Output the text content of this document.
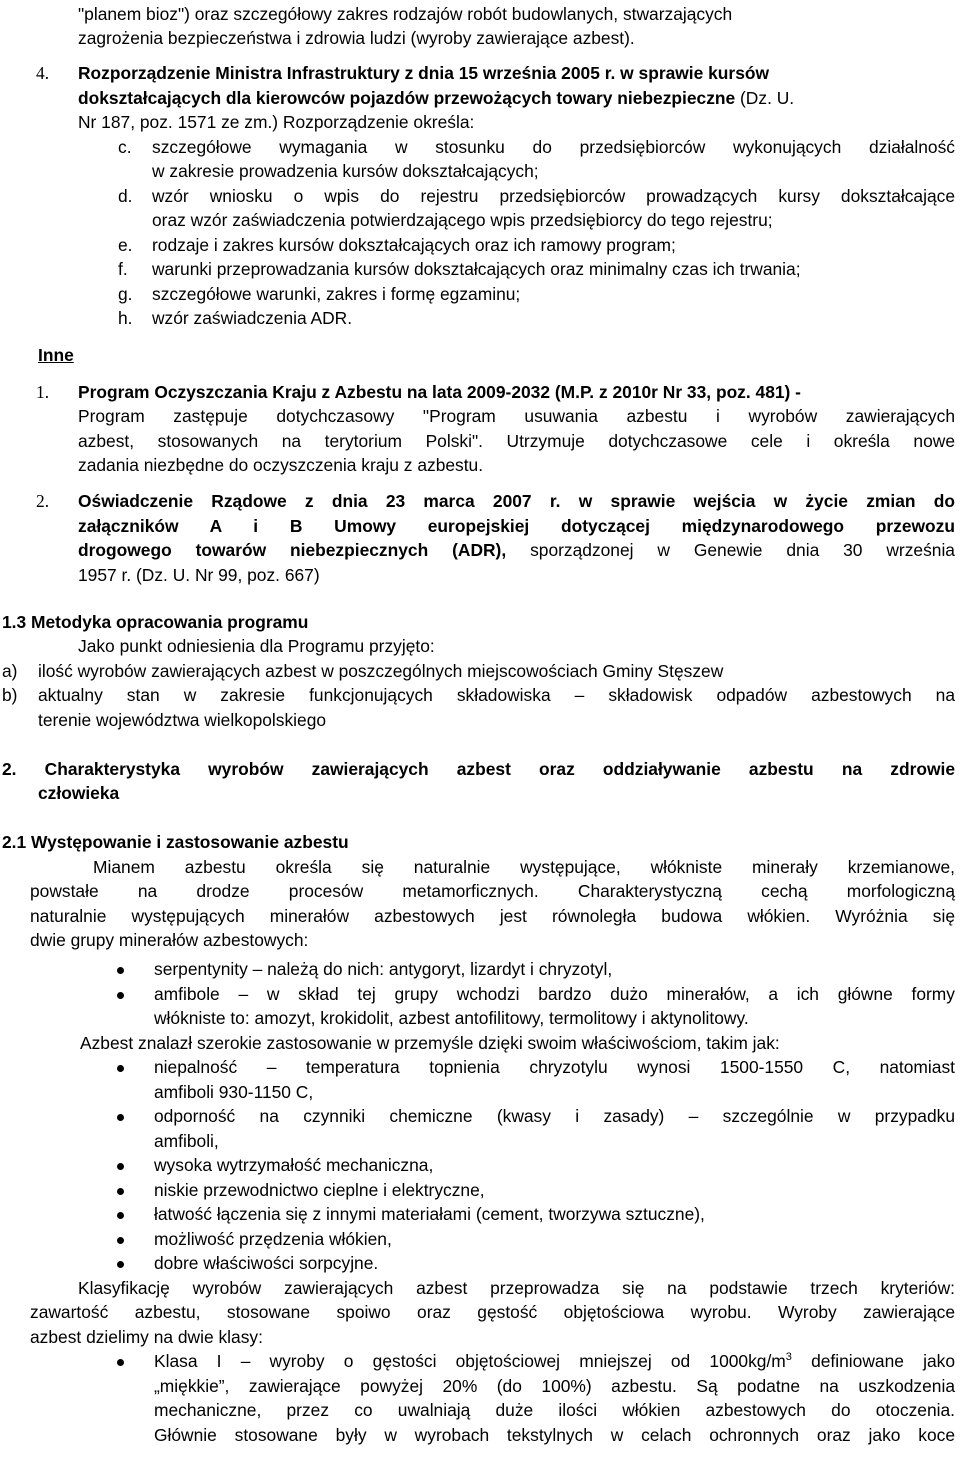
"planem bioz") oraz szczegółowy zakres rodzajów robót budowlanych, stwarzających
zagrożenia bezpieczeństwa i zdrowia ludzi (wyroby zawierające azbest).
4. Rozporządzenie Ministra Infrastruktury z dnia 15 września 2005 r. w sprawie kursów
dokształcających dla kierowców pojazdów przewożących towary niebezpieczne (Dz. U.
Nr 187, poz. 1571 ze zm.) Rozporządzenie określa:
c. szczegółowe wymagania w stosunku do przedsiębiorców wykonujących działalność
w zakresie prowadzenia kursów dokształcających;
d. wzór wniosku o wpis do rejestru przedsiębiorców prowadzących kursy dokształcające
oraz wzór zaświadczenia potwierdzającego wpis przedsiębiorcy do tego rejestru;
e. rodzaje i zakres kursów dokształcających oraz ich ramowy program;
f. warunki przeprowadzania kursów dokształcających oraz minimalny czas ich trwania;
g. szczegółowe warunki, zakres i formę egzaminu;
h. wzór zaświadczenia ADR.
Inne
1. Program Oczyszczania Kraju z Azbestu na lata 2009-2032 (M.P. z 2010r Nr 33, poz. 481) -
Program zastępuje dotychczasowy "Program usuwania azbestu i wyrobów zawierających
azbest, stosowanych na terytorium Polski". Utrzymuje dotychczasowe cele i określa nowe
zadania niezbędne do oczyszczenia kraju z azbestu.
2. Oświadczenie Rządowe z dnia 23 marca 2007 r. w sprawie wejścia w życie zmian do
załączników A i B Umowy europejskiej dotyczącej międzynarodowego przewozu
drogowego towarów niebezpiecznych (ADR), sporządzonej w Genewie dnia 30 września
1957 r. (Dz. U. Nr 99, poz. 667)
1.3 Metodyka opracowania programu
Jako punkt odniesienia dla Programu przyjęto:
a) ilość wyrobów zawierających azbest w poszczególnych miejscowościach Gminy Stęszew
b) aktualny stan w zakresie funkcjonujących składowiska – składowisk odpadów azbestowych na
terenie województwa wielkopolskiego
2. Charakterystyka wyrobów zawierających azbest oraz oddziaływanie azbestu na zdrowie
człowieka
2.1 Występowanie i zastosowanie azbestu
Mianem azbestu określa się naturalnie występujące, włókniste minerały krzemianowe,
powstałe na drodze procesów metamorficznych. Charakterystyczną cechą morfologiczną
naturalnie występujących minerałów azbestowych jest równoległa budowa włókien. Wyróżnia się
dwie grupy minerałów azbestowych:
serpentynity – należą do nich: antygoryt, lizardyt i chryzotyl,
amfibole – w skład tej grupy wchodzi bardzo dużo minerałów, a ich główne formy
włókniste to: amozyt, krokidolit, azbest antofilitowy, termolitowy i aktynolitowy.
Azbest znalazł szerokie zastosowanie w przemyśle dzięki swoim właściwościom, takim jak:
niepalność – temperatura topnienia chryzotylu wynosi 1500-1550 C, natomiast
amfiboli 930-1150 C,
odporność na czynniki chemiczne (kwasy i zasady) – szczególnie w przypadku
amfiboli,
wysoka wytrzymałość mechaniczna,
niskie przewodnictwo cieplne i elektryczne,
łatwość łączenia się z innymi materiałami (cement, tworzywa sztuczne),
możliwość przędzenia włókien,
dobre właściwości sorpcyjne.
Klasyfikację wyrobów zawierających azbest przeprowadza się na podstawie trzech kryteriów:
zawartość azbestu, stosowane spoiwo oraz gęstość objętościowa wyrobu. Wyroby zawierające
azbest dzielimy na dwie klasy:
Klasa I – wyroby o gęstości objętościowej mniejszej od $1000kg/m^3$ definiowane jako
„miękkie”, zawierające powyżej 20% (do 100%) azbestu. Są podatne na uszkodzenia
mechaniczne, przez co uwalniają duże ilości włókien azbestowych do otoczenia.
Głównie stosowane były w wyrobach tekstylnych w celach ochronnych oraz jako koce
